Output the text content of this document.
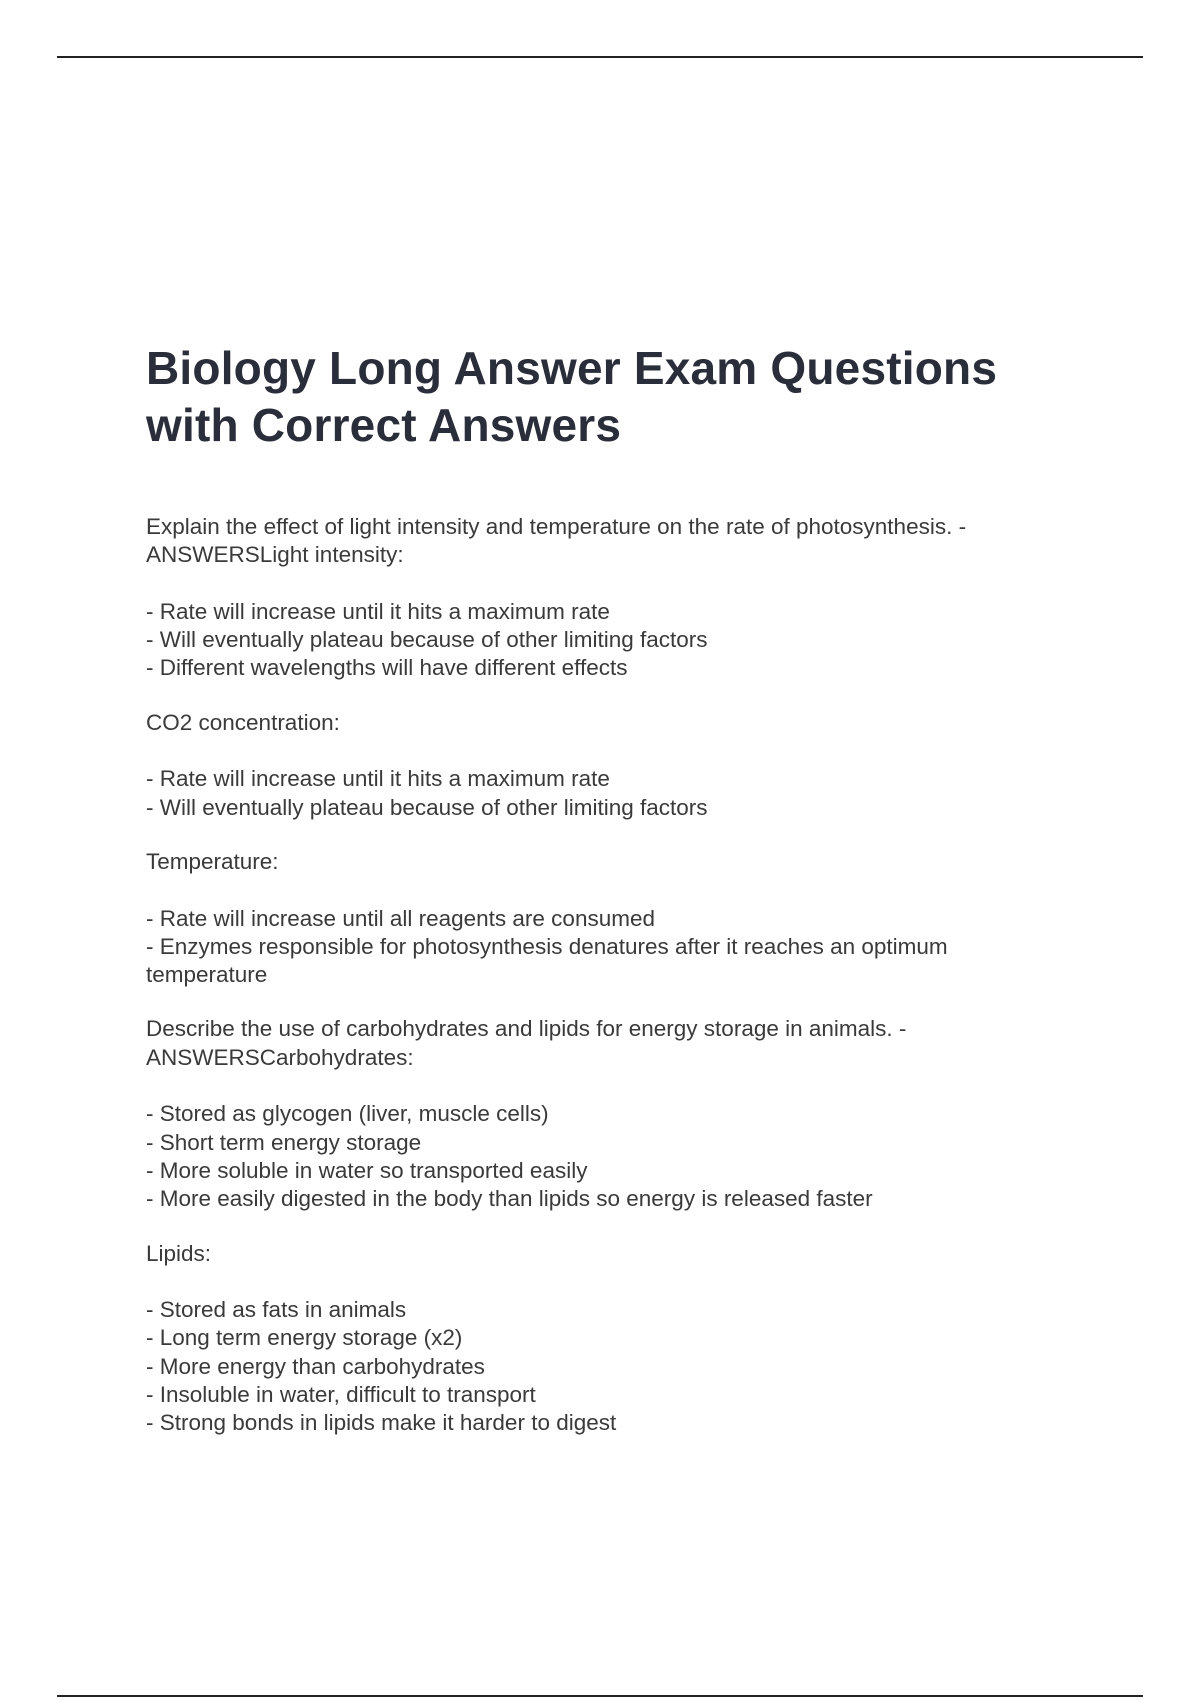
Biology Long Answer Exam Questions
with Correct Answers
Explain the effect of light intensity and temperature on the rate of photosynthesis. -
ANSWERSLight intensity:
- Rate will increase until it hits a maximum rate
- Will eventually plateau because of other limiting factors
- Different wavelengths will have different effects
CO2 concentration:
- Rate will increase until it hits a maximum rate
- Will eventually plateau because of other limiting factors
Temperature:
- Rate will increase until all reagents are consumed
- Enzymes responsible for photosynthesis denatures after it reaches an optimum
temperature
Describe the use of carbohydrates and lipids for energy storage in animals. -
ANSWERSCarbohydrates:
- Stored as glycogen (liver, muscle cells)
- Short term energy storage
- More soluble in water so transported easily
- More easily digested in the body than lipids so energy is released faster
Lipids:
- Stored as fats in animals
- Long term energy storage (x2)
- More energy than carbohydrates
- Insoluble in water, difficult to transport
- Strong bonds in lipids make it harder to digest
